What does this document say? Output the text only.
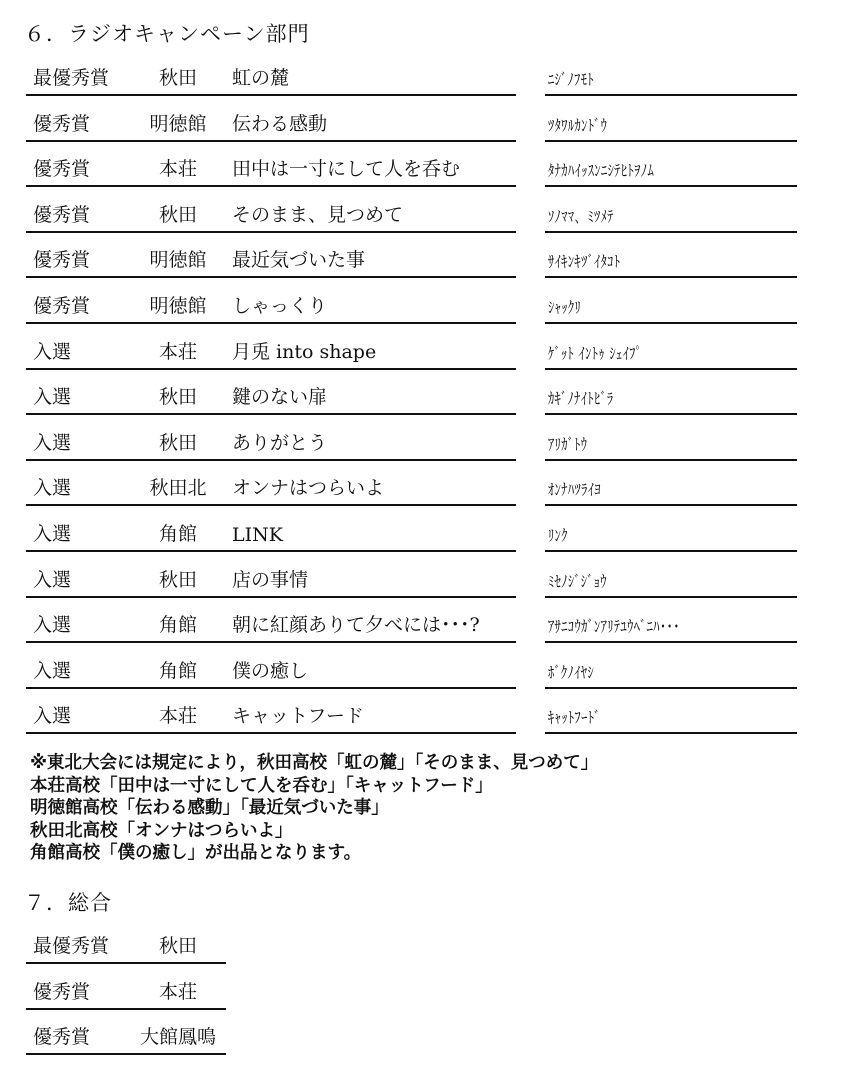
６．ラジオキャンペーン部門
最優秀賞	秋田	虹の麓	ﾆｼﾞﾉﾌﾓﾄ
優秀賞	明徳館	伝わる感動	ﾂﾀﾜﾙｶﾝﾄﾞｳ
優秀賞	本荘	田中は一寸にして人を呑む	ﾀﾅｶﾊｲｯｽﾝﾆｼﾃﾋﾄｦﾉﾑ
優秀賞	秋田	そのまま、見つめて	ｿﾉﾏﾏ、ﾐﾂﾒﾃ
優秀賞	明徳館	最近気づいた事	ｻｲｷﾝｷﾂﾞｲﾀｺﾄ
優秀賞	明徳館	しゃっくり	ｼｬｯｸﾘ
入選	本荘	月兎 into shape	ｹﾞｯﾄ ｲﾝﾄｩ ｼｪｲﾌﾟ
入選	秋田	鍵のない扉	ｶｷﾞﾉﾅｲﾄﾋﾞﾗ
入選	秋田	ありがとう	ｱﾘｶﾞﾄｳ
入選	秋田北	オンナはつらいよ	ｵﾝﾅﾊﾂﾗｲﾖ
入選	角館	LINK	ﾘﾝｸ
入選	秋田	店の事情	ﾐｾﾉｼﾞｼﾞｮｳ
入選	角館	朝に紅顔ありて夕べには･･･?	ｱｻﾆｺｳｶﾞﾝｱﾘﾃﾕｳﾍﾞﾆﾊ･･･
入選	角館	僕の癒し	ﾎﾞｸﾉｲﾔｼ
入選	本荘	キャットフード	ｷｬｯﾄﾌｰﾄﾞ
※東北大会には規定により，秋田高校「虹の麓」「そのまま、見つめて」
本荘高校「田中は一寸にして人を呑む」「キャットフード」
明徳館高校「伝わる感動」「最近気づいた事」
秋田北高校「オンナはつらいよ」
角館高校「僕の癒し」が出品となります。
７．総合
最優秀賞	秋田
優秀賞	本荘
優秀賞	大館鳳鳴
